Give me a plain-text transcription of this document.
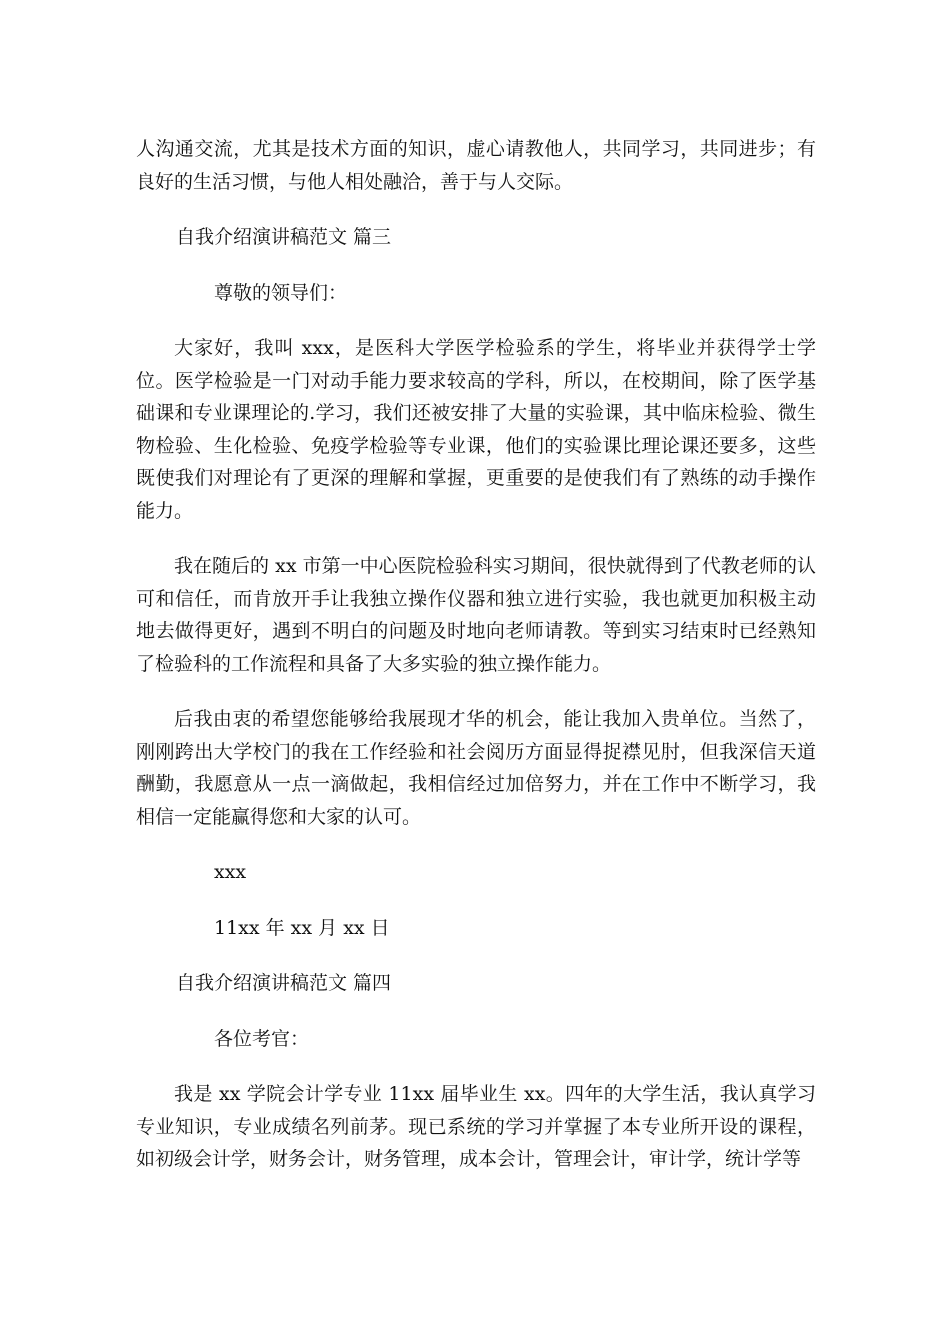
人沟通交流，尤其是技术方面的知识，虚心请教他人，共同学习，共同进步；有良好的生活习惯，与他人相处融洽，善于与人交际。

自我介绍演讲稿范文 篇三

尊敬的领导们：

大家好，我叫 xxx，是医科大学医学检验系的学生，将毕业并获得学士学位。医学检验是一门对动手能力要求较高的学科，所以，在校期间，除了医学基础课和专业课理论的.学习，我们还被安排了大量的实验课，其中临床检验、微生物检验、生化检验、免疫学检验等专业课，他们的实验课比理论课还要多，这些既使我们对理论有了更深的理解和掌握，更重要的是使我们有了熟练的动手操作能力。

我在随后的 xx 市第一中心医院检验科实习期间，很快就得到了代教老师的认可和信任，而肯放开手让我独立操作仪器和独立进行实验，我也就更加积极主动地去做得更好，遇到不明白的问题及时地向老师请教。等到实习结束时已经熟知了检验科的工作流程和具备了大多实验的独立操作能力。

后我由衷的希望您能够给我展现才华的机会，能让我加入贵单位。当然了，刚刚跨出大学校门的我在工作经验和社会阅历方面显得捉襟见肘，但我深信天道酬勤，我愿意从一点一滴做起，我相信经过加倍努力，并在工作中不断学习，我相信一定能赢得您和大家的认可。

xxx

11xx 年 xx 月 xx 日

自我介绍演讲稿范文 篇四

各位考官：

我是 xx 学院会计学专业 11xx 届毕业生 xx。四年的大学生活，我认真学习专业知识，专业成绩名列前茅。现已系统的学习并掌握了本专业所开设的课程，如初级会计学，财务会计，财务管理，成本会计，管理会计，审计学，统计学等
